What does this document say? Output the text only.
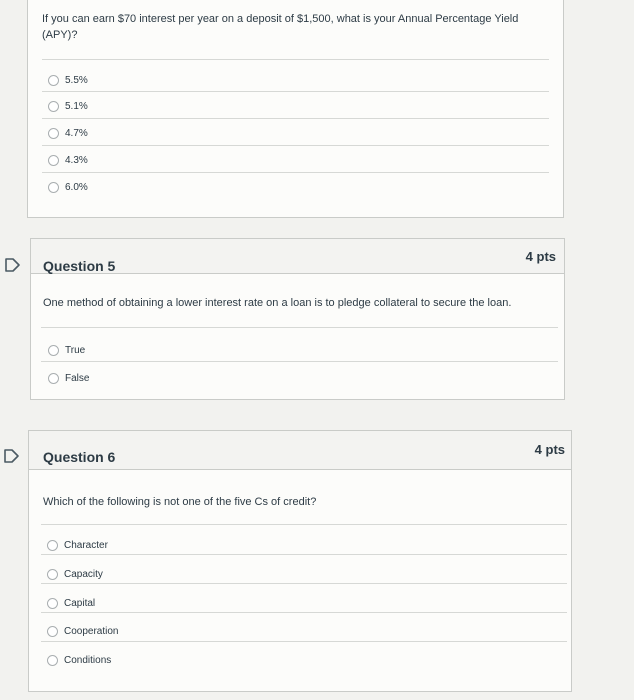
If you can earn $70 interest per year on a deposit of $1,500, what is your Annual Percentage Yield (APY)?
5.5%
5.1%
4.7%
4.3%
6.0%
Question 5
4 pts
One method of obtaining a lower interest rate on a loan is to pledge collateral to secure the loan.
True
False
Question 6	4 pts
Which of the following is not one of the five Cs of credit?
Character
Capacity
Capital
Cooperation
Conditions
